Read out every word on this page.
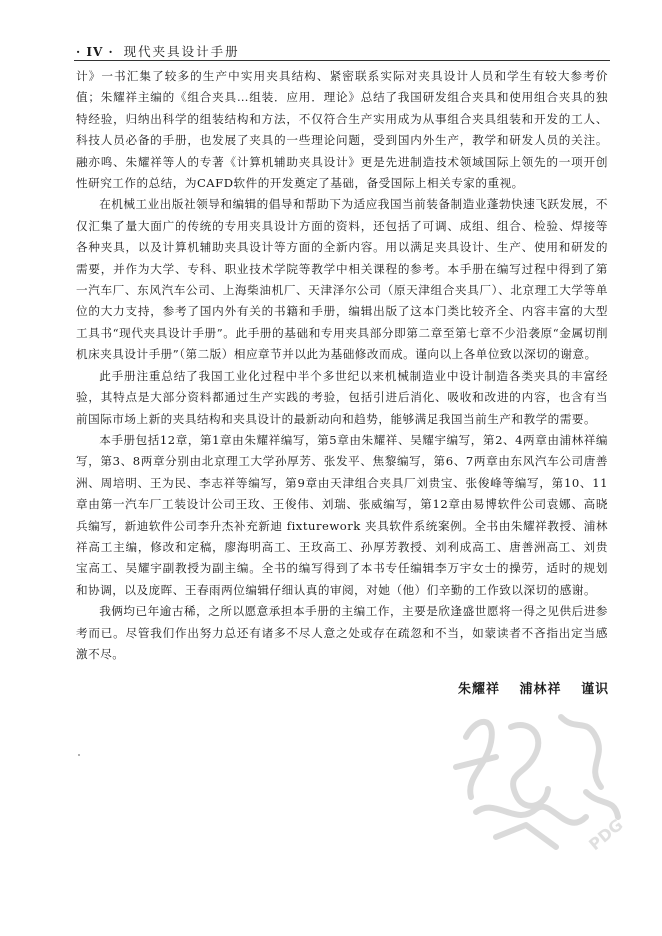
· IV · 现代夹具设计手册

计》一书汇集了较多的生产中实用夹具结构、紧密联系实际对夹具设计人员和学生有较大参考价值；朱耀祥主编的《组合夹具…组装．应用．理论》总结了我国研发组合夹具和使用组合夹具的独特经验，归纳出科学的组装结构和方法，不仅符合生产实用成为从事组合夹具组装和开发的工人、科技人员必备的手册，也发展了夹具的一些理论问题，受到国内外生产，教学和研发人员的关注。融亦鸣、朱耀祥等人的专著《计算机辅助夹具设计》更是先进制造技术领域国际上领先的一项开创性研究工作的总结，为CAFD软件的开发奠定了基础，备受国际上相关专家的重视。

在机械工业出版社领导和编辑的倡导和帮助下为适应我国当前装备制造业蓬勃快速飞跃发展，不仅汇集了量大面广的传统的专用夹具设计方面的资料，还包括了可调、成组、组合、检验、焊接等各种夹具，以及计算机辅助夹具设计等方面的全新内容。用以满足夹具设计、生产、使用和研发的需要，并作为大学、专科、职业技术学院等教学中相关课程的参考。本手册在编写过程中得到了第一汽车厂、东风汽车公司、上海柴油机厂、天津泽尔公司（原天津组合夹具厂）、北京理工大学等单位的大力支持，参考了国内外有关的书籍和手册，编辑出版了这本门类比较齐全、内容丰富的大型工具书“现代夹具设计手册”。此手册的基础和专用夹具部分即第二章至第七章不少沿袭原“金属切削机床夹具设计手册”（第二版）相应章节并以此为基础修改而成。谨向以上各单位致以深切的谢意。

此手册注重总结了我国工业化过程中半个多世纪以来机械制造业中设计制造各类夹具的丰富经验，其特点是大部分资料都通过生产实践的考验，包括引进后消化、吸收和改进的内容，也含有当前国际市场上新的夹具结构和夹具设计的最新动向和趋势，能够满足我国当前生产和教学的需要。

本手册包括12章，第1章由朱耀祥编写，第5章由朱耀祥、吴耀宇编写，第2、4两章由浦林祥编写，第3、8两章分别由北京理工大学孙厚芳、张发平、焦黎编写，第6、7两章由东风汽车公司唐善洲、周培明、王为民、李志祥等编写，第9章由天津组合夹具厂刘贵宝、张俊峰等编写，第10、11章由第一汽车厂工装设计公司王玫、王俊伟、刘瑞、张威编写，第12章由易博软件公司袁娜、高晓兵编写，新迪软件公司李升杰补充新迪 fixturework 夹具软件系统案例。全书由朱耀祥教授、浦林祥高工主编，修改和定稿，廖海明高工、王玫高工、孙厚芳教授、刘利成高工、唐善洲高工、刘贵宝高工、吴耀宇副教授为副主编。全书的编写得到了本书专任编辑李万宇女士的操劳，适时的规划和协调，以及庞晖、王春雨两位编辑仔细认真的审阅，对她（他）们辛勤的工作致以深切的感谢。

我俩均已年逾古稀，之所以愿意承担本手册的主编工作，主要是欣逢盛世愿将一得之见供后进参考而已。尽管我们作出努力总还有诸多不尽人意之处或存在疏忽和不当，如蒙读者不吝指出定当感激不尽。

朱耀祥 浦林祥 谨识
PDG
